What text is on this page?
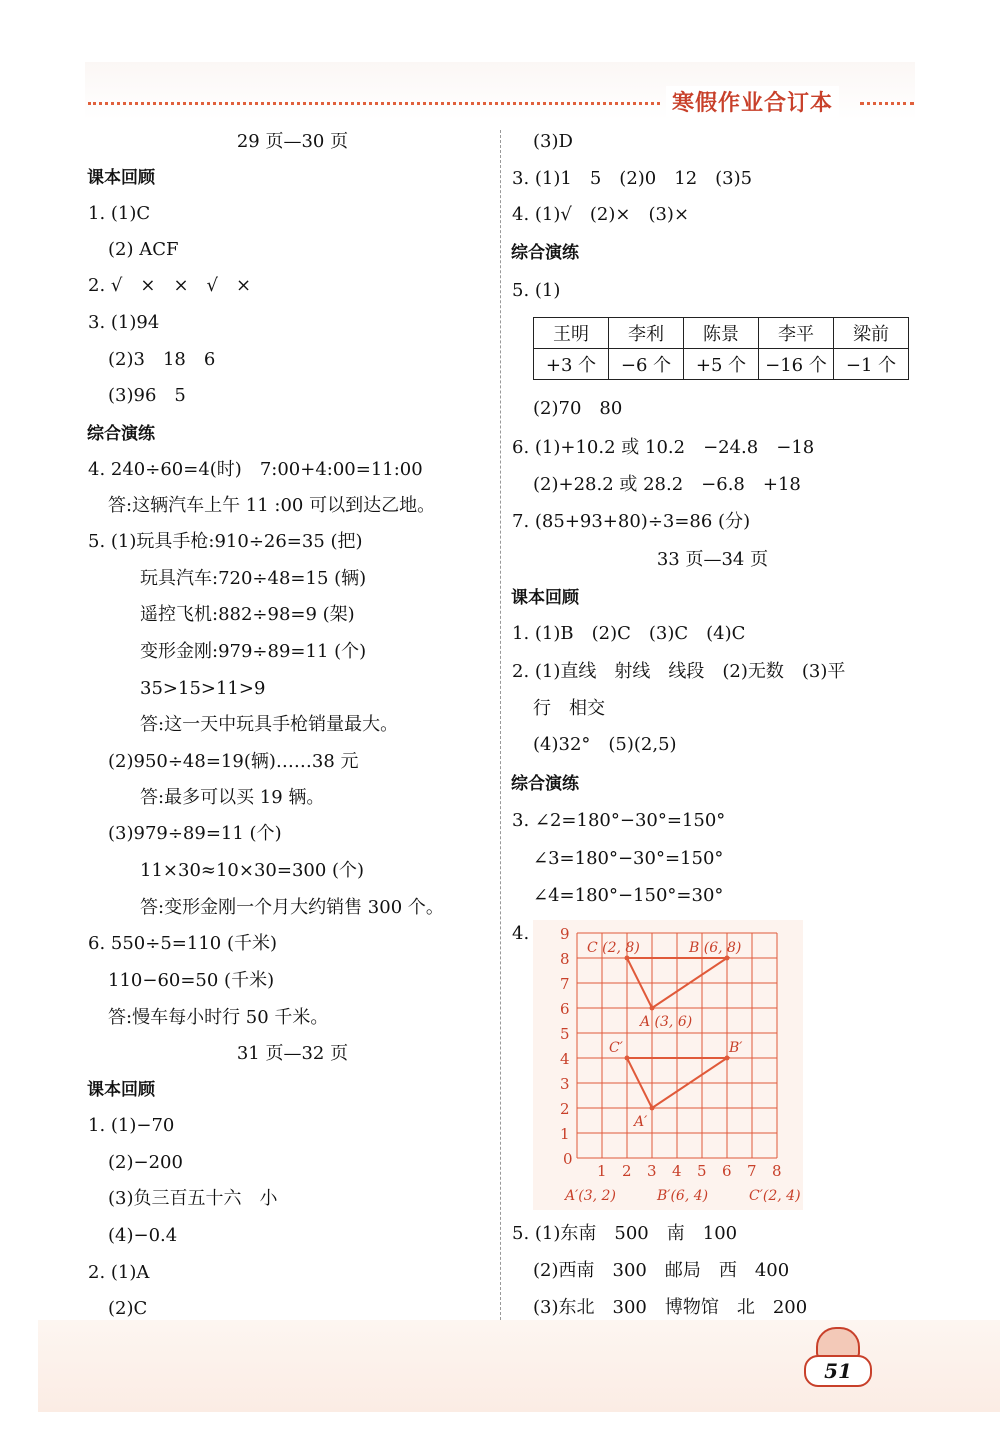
寒假作业合订本
29 页—30 页
课本回顾
1. (1)C
(2) ACF
2. √　×　×　√　×
3. (1)94
(2)3　18　6
(3)96　5
综合演练
4. 240÷60=4(时)　7:00+4:00=11:00
答:这辆汽车上午 11 :00 可以到达乙地。
5. (1)玩具手枪:910÷26=35 (把)
玩具汽车:720÷48=15 (辆)
遥控飞机:882÷98=9 (架)
变形金刚:979÷89=11 (个)
35>15>11>9
答:这一天中玩具手枪销量最大。
(2)950÷48=19(辆)……38 元
答:最多可以买 19 辆。
(3)979÷89=11 (个)
11×30≈10×30=300 (个)
答:变形金刚一个月大约销售 300 个。
6. 550÷5=110 (千米)
110−60=50 (千米)
答:慢车每小时行 50 千米。
31 页—32 页
课本回顾
1. (1)−70
(2)−200
(3)负三百五十六　小
(4)−0.4
2. (1)A
(2)C
(3)D
3. (1)1　5　(2)0　12　(3)5
4. (1)√　(2)×　(3)×
综合演练
5. (1)
王明	李利	陈景	李平	梁前
+3 个	−6 个	+5 个	−16 个	−1 个
(2)70　80
6. (1)+10.2 或 10.2　−24.8　−18
(2)+28.2 或 28.2　−6.8　+18
7. (85+93+80)÷3=86 (分)
33 页—34 页
课本回顾
1. (1)B　(2)C　(3)C　(4)C
2. (1)直线　射线　线段　(2)无数　(3)平
行　相交
(4)32°　(5)(2,5)
综合演练
3. ∠2=180°−30°=150°
∠3=180°−30°=150°
∠4=180°−150°=30°
4.
0
1 2 3 4 5 6 7 8
1
2
3
4
5
6
7
8
9
A (3, 6)
B (6, 8)
C (2, 8)
A′
B′
C′
A′(3, 2)	B′(6, 4)	C′(2, 4)
5. (1)东南　500　南　100
(2)西南　300　邮局　西　400
(3)东北　300　博物馆　北　200
51
